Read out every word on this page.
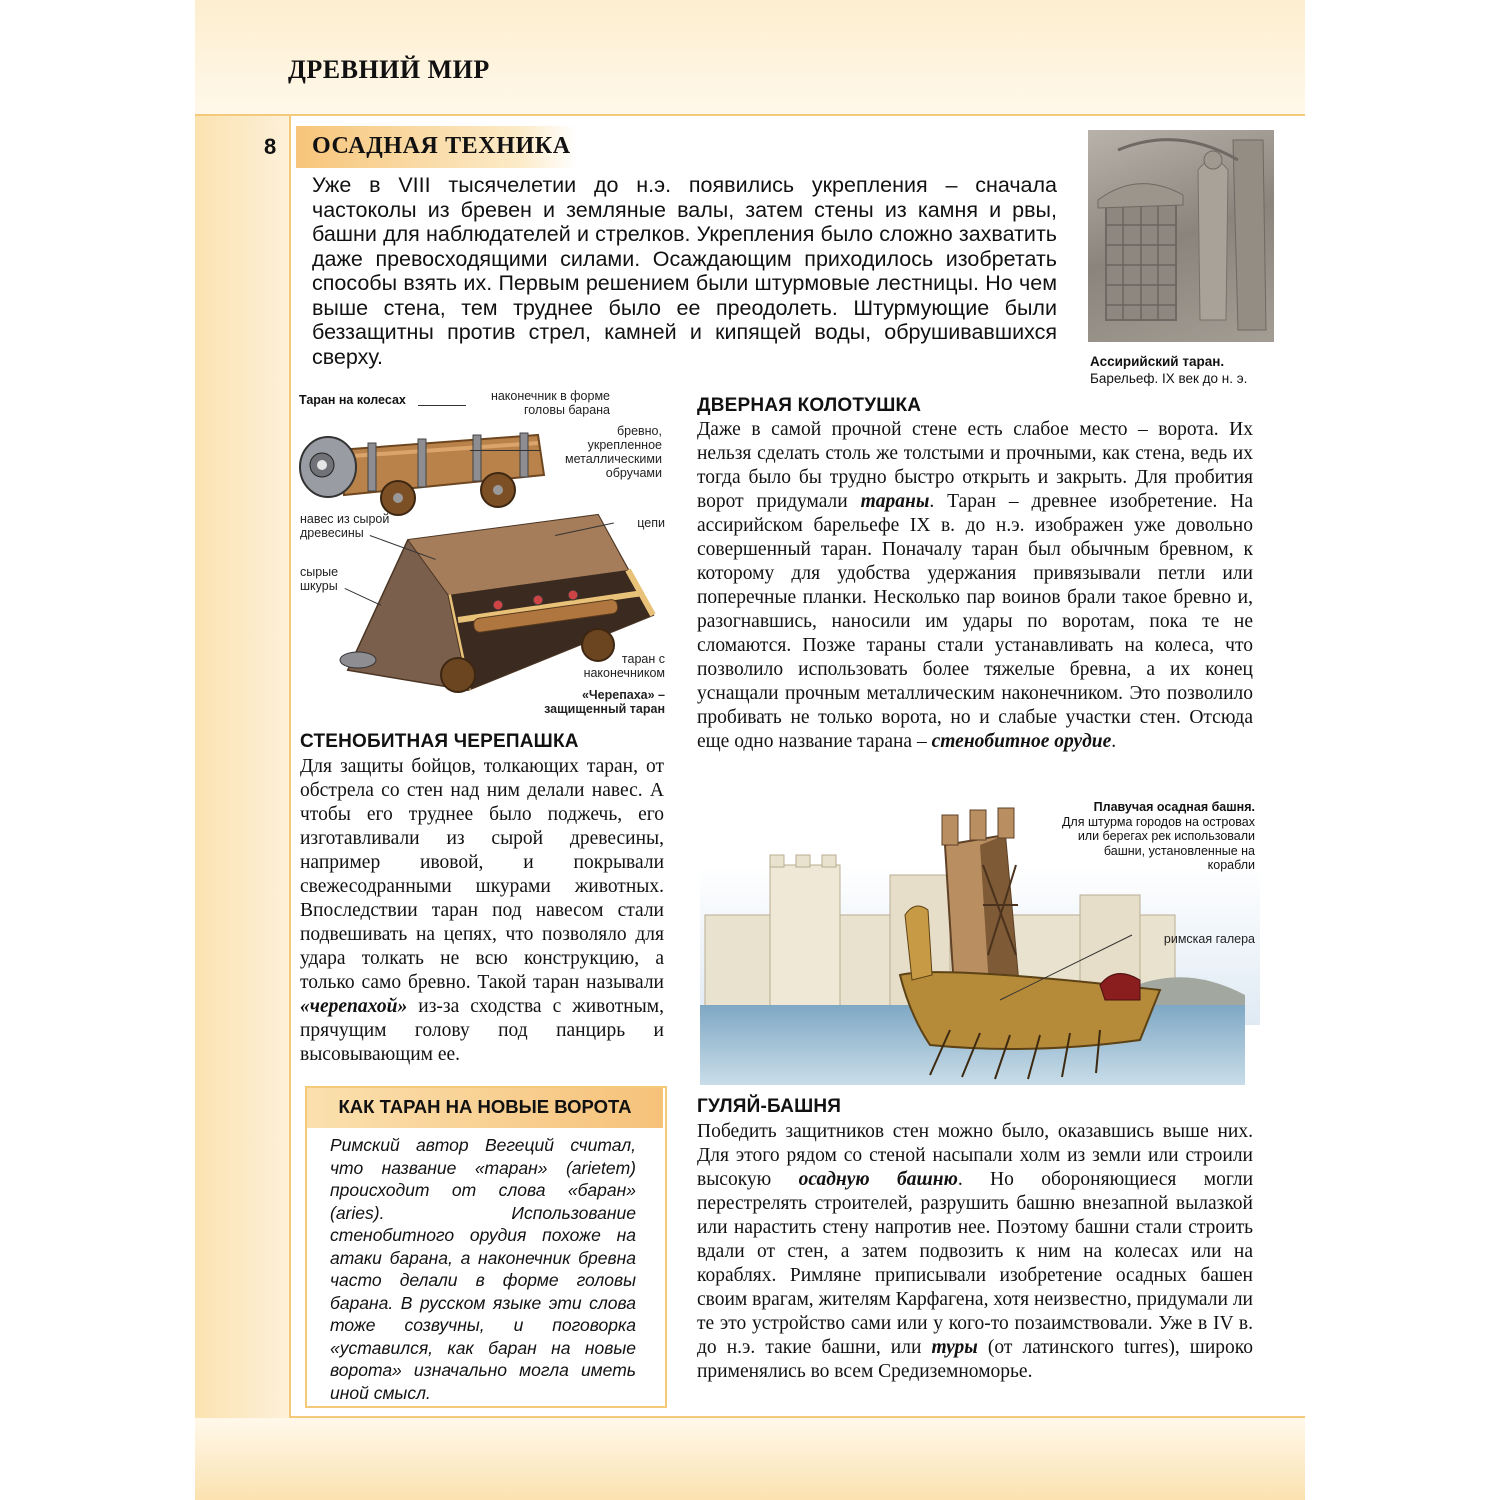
ДРЕВНИЙ МИР
8 ОСАДНАЯ ТЕХНИКА
Уже в VIII тысячелетии до н.э. появились укрепления – сначала частоколы из бревен и земляные валы, затем стены из камня и рвы, башни для наблюдателей и стрелков. Укрепления было сложно захватить даже превосходящими силами. Осаждающим приходилось изобретать способы взять их. Первым решением были штурмовые лестницы. Но чем выше стена, тем труднее было ее преодолеть. Штурмующие были беззащитны против стрел, камней и кипящей воды, обрушивавшихся сверху.	Ассирийский таран.
Барельеф. IX век до н. э.
Таран на колесах	наконечник в форме головы барана
бревно, укрепленное металлическими обручами
навес из сырой древесины
сырые шкуры
цепи
таран с наконечником
«Черепаха» – защищенный таран
СТЕНОБИТНАЯ ЧЕРЕПАШКА
Для защиты бойцов, толкающих таран, от обстрела со стен над ним делали навес. А чтобы его труднее было поджечь, его изготавливали из сырой древесины, например ивовой, и покрывали свежесодранными шкурами животных. Впоследствии таран под навесом стали подвешивать на цепях, что позволяло для удара толкать не всю конструкцию, а только само бревно. Такой таран называли «черепахой» из-за сходства с животным, прячущим голову под панцирь и высовывающим ее.
КАК ТАРАН НА НОВЫЕ ВОРОТА
Римский автор Вегеций считал, что название «таран» (arietem) происходит от слова «баран» (aries). Использование стенобитного орудия похоже на атаки барана, а наконечник бревна часто делали в форме головы барана. В русском языке эти слова тоже созвучны, и поговорка «уставился, как баран на новые ворота» изначально могла иметь иной смысл.
ДВЕРНАЯ КОЛОТУШКА
Даже в самой прочной стене есть слабое место – ворота. Их нельзя сделать столь же толстыми и прочными, как стена, ведь их тогда было бы трудно быстро открыть и закрыть. Для пробития ворот придумали тараны. Таран – древнее изобретение. На ассирийском барельефе IX в. до н.э. изображен уже довольно совершенный таран. Поначалу таран был обычным бревном, к которому для удобства удержания привязывали петли или поперечные планки. Несколько пар воинов брали такое бревно и, разогнавшись, наносили им удары по воротам, пока те не сломаются. Позже тараны стали устанавливать на колеса, что позволило использовать более тяжелые бревна, а их конец уснащали прочным металлическим наконечником. Это позволило пробивать не только ворота, но и слабые участки стен. Отсюда еще одно название тарана – стенобитное орудие.
Плавучая осадная башня.
Для штурма городов на островах или берегах рек использовали башни, установленные на корабли
римская галера
ГУЛЯЙ-БАШНЯ
Победить защитников стен можно было, оказавшись выше них. Для этого рядом со стеной насыпали холм из земли или строили высокую осадную башню. Но обороняющиеся могли перестрелять строителей, разрушить башню внезапной вылазкой или нарастить стену напротив нее. Поэтому башни стали строить вдали от стен, а затем подвозить к ним на колесах или на кораблях. Римляне приписывали изобретение осадных башен своим врагам, жителям Карфагена, хотя неизвестно, придумали ли те это устройство сами или у кого-то позаимствовали. Уже в IV в. до н.э. такие башни, или туры (от латинского turres), широко применялись во всем Средиземноморье.
